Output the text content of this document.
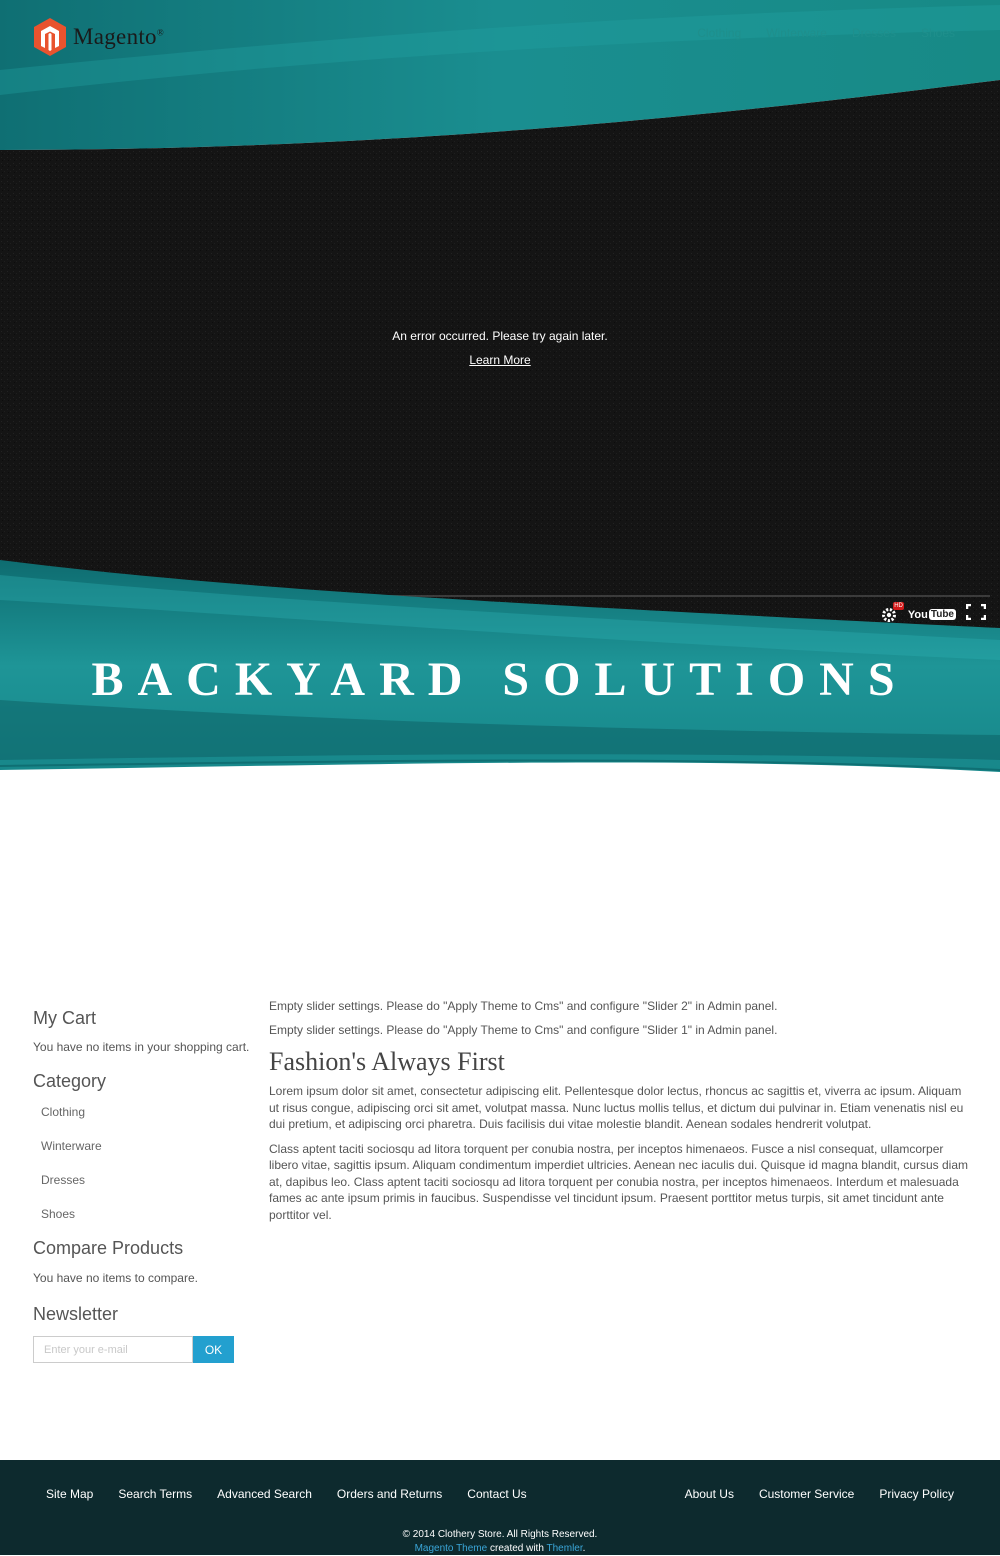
Magento®	Clothing Winterware Dresses Shoes
An error occurred. Please try again later.
Learn More
HD
You Tube
BACKYARD SOLUTIONS
My Cart

You have no items in your shopping cart.

Category
Clothing
Winterware
Dresses
Shoes
Compare Products

You have no items to compare.

Newsletter
Enter your e-mail
OK

Empty slider settings. Please do "Apply Theme to Cms" and configure "Slider 2" in Admin panel.

Empty slider settings. Please do "Apply Theme to Cms" and configure "Slider 1" in Admin panel.

Fashion's Always First

Lorem ipsum dolor sit amet, consectetur adipiscing elit. Pellentesque dolor lectus, rhoncus ac sagittis et, viverra ac ipsum. Aliquam ut risus congue, adipiscing orci sit amet, volutpat massa. Nunc luctus mollis tellus, et dictum dui pulvinar in. Etiam venenatis nisl eu dui pretium, et adipiscing orci pharetra. Duis facilisis dui vitae molestie blandit. Aenean sodales hendrerit volutpat.

Class aptent taciti sociosqu ad litora torquent per conubia nostra, per inceptos himenaeos. Fusce a nisl consequat, ullamcorper libero vitae, sagittis ipsum. Aliquam condimentum imperdiet ultricies. Aenean nec iaculis dui. Quisque id magna blandit, cursus diam at, dapibus leo. Class aptent taciti sociosqu ad litora torquent per conubia nostra, per inceptos himenaeos. Interdum et malesuada fames ac ante ipsum primis in faucibus. Suspendisse vel tincidunt ipsum. Praesent porttitor metus turpis, sit amet tincidunt ante porttitor vel.

Site Map Search Terms Advanced Search Orders and Returns Contact Us	About Us Customer Service Privacy Policy
© 2014 Clothery Store. All Rights Reserved.
Magento Theme created with Themler.
